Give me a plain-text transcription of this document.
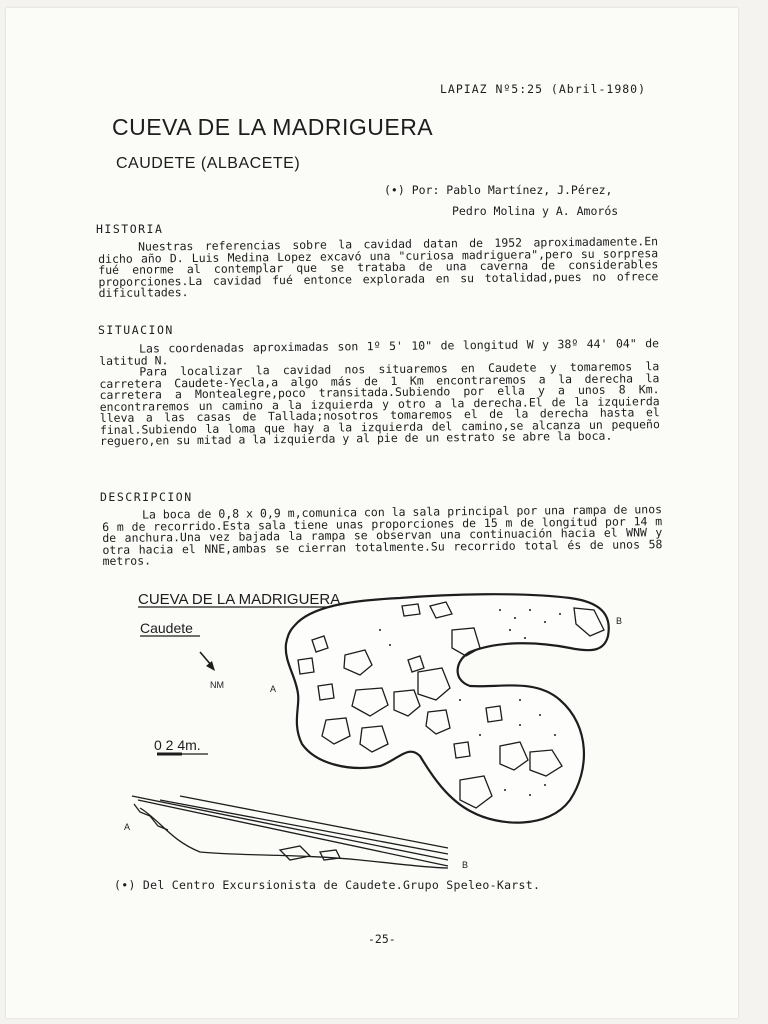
LAPIAZ Nº5:25 (Abril-1980)
CUEVA DE LA MADRIGUERA
CAUDETE (ALBACETE)
(•) Por: Pablo Martínez, J.Pérez,
Pedro Molina y A. Amorós
HISTORIA

Nuestras referencias sobre la cavidad datan de 1952 aproximadamente.En dicho año D. Luis Medina Lopez excavó una "curiosa madriguera",pero su sorpresa fué enorme al contemplar que se trataba de una caverna de considerables proporciones.La cavidad fué entonce explorada en su totalidad,pues no ofrece dificultades.

SITUACION

Las coordenadas aproximadas son 1º 5' 10" de longitud W y 38º 44' 04" de latitud N.

Para localizar la cavidad nos situaremos en Caudete y tomaremos la carretera Caudete-Yecla,a algo más de 1 Km encontraremos a la derecha la carretera a Montealegre,poco transitada.Subiendo por ella y a unos 8 Km. encontraremos un camino a la izquierda y otro a la derecha.El de la izquierda lleva a las casas de Tallada;nosotros tomaremos el de la derecha hasta el final.Subiendo la loma que hay a la izquierda del camino,se alcanza un pequeño reguero,en su mitad a la izquierda y al pie de un estrato se abre la boca.

DESCRIPCION

La boca de 0,8 x 0,9 m,comunica con la sala principal por una rampa de unos 6 m de recorrido.Esta sala tiene unas proporciones de 15 m de longitud por 14 m de anchura.Una vez bajada la rampa se observan una continuación hacia el WNW y otra hacia el NNE,ambas se cierran totalmente.Su recorrido total és de unos 58 metros.

CUEVA DE LA MADRIGUERA
Caudete
NM
0 2 4m.
B
A
A
B
(•) Del Centro Excursionista de Caudete.Grupo Speleo-Karst.
-25-
